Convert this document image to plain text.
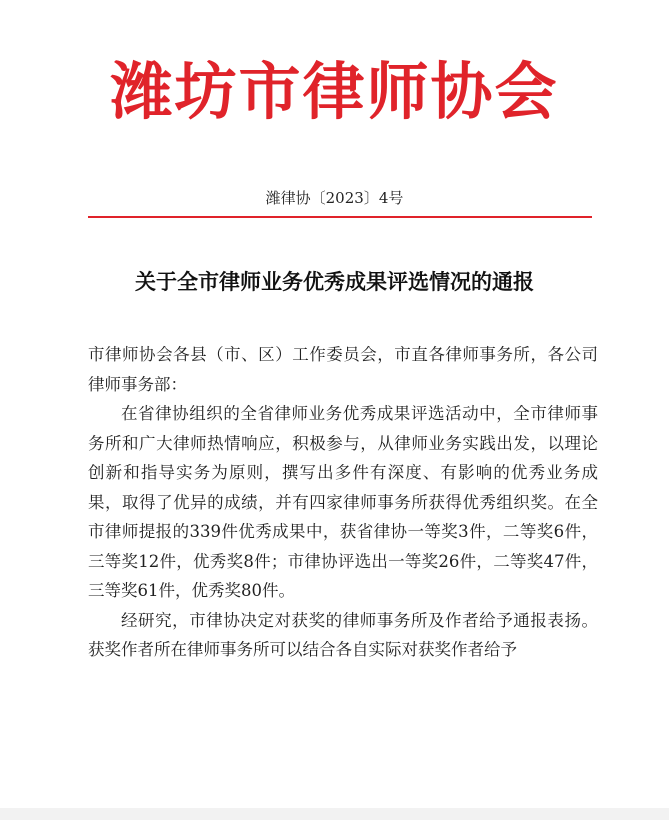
潍坊市律师协会
潍律协〔2023〕4号
关于全市律师业务优秀成果评选情况的通报

市律师协会各县（市、区）工作委员会，市直各律师事务所，各公司律师事务部：

在省律协组织的全省律师业务优秀成果评选活动中，全市律师事务所和广大律师热情响应，积极参与，从律师业务实践出发，以理论创新和指导实务为原则，撰写出多件有深度、有影响的优秀业务成果，取得了优异的成绩，并有四家律师事务所获得优秀组织奖。在全市律师提报的339件优秀成果中，获省律协一等奖3件，二等奖6件，三等奖12件，优秀奖8件；市律协评选出一等奖26件，二等奖47件，三等奖61件，优秀奖80件。

经研究，市律协决定对获奖的律师事务所及作者给予通报表扬。获奖作者所在律师事务所可以结合各自实际对获奖作者给予
